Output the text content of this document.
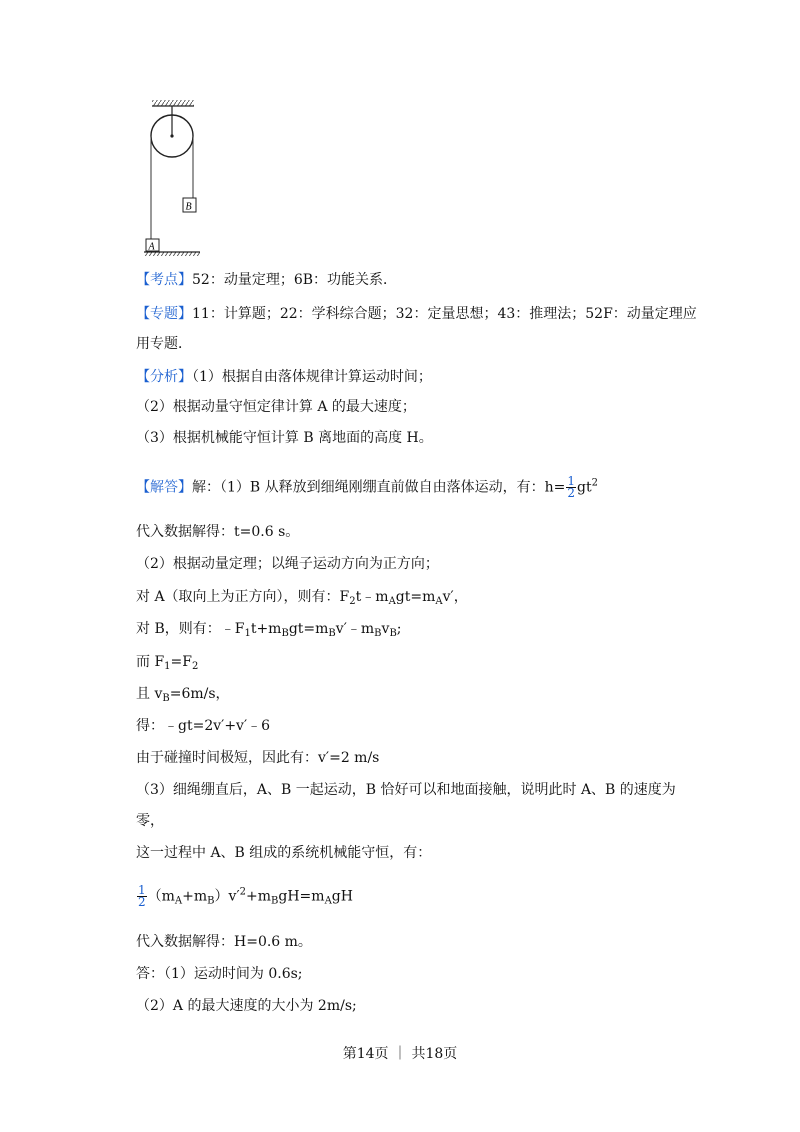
B
A
【考点】52：动量定理；6B：功能关系．
【专题】11：计算题；22：学科综合题；32：定量思想；43：推理法；52F：动量定理应
用专题．
【分析】（1）根据自由落体规律计算运动时间；
（2）根据动量守恒定律计算 A 的最大速度；
（3）根据机械能守恒计算 B 离地面的高度 H。
【解答】解：（1）B 从释放到细绳刚绷直前做自由落体运动，有：$h= \frac{1}{2} gt^2$
代入数据解得：t=0.6 s。
（2）根据动量定理；以绳子运动方向为正方向；
对 A（取向上为正方向），则有：$F_2t﹣m_Agt=m_Av'$，
对 B，则有：$﹣F_1t+m_Bgt=m_Bv'﹣m_Bv_B$;
而 $F_1=F_2$
且 $v_B=6m/s$，
得：﹣gt=2v′+v′﹣6
由于碰撞时间极短，因此有：v′=2 m/s
（3）细绳绷直后，A、B 一起运动，B 恰好可以和地面接触，说明此时 A、B 的速度为
零，
这一过程中 A、B 组成的系统机械能守恒，有：
$\frac{1}{2} (m_A+m_B)v'^2+m_BgH=m_AgH$
代入数据解得：H=0.6 m。
答：（1）运动时间为 0.6s;
（2）A 的最大速度的大小为 2m/s;
第14页 ｜ 共18页
